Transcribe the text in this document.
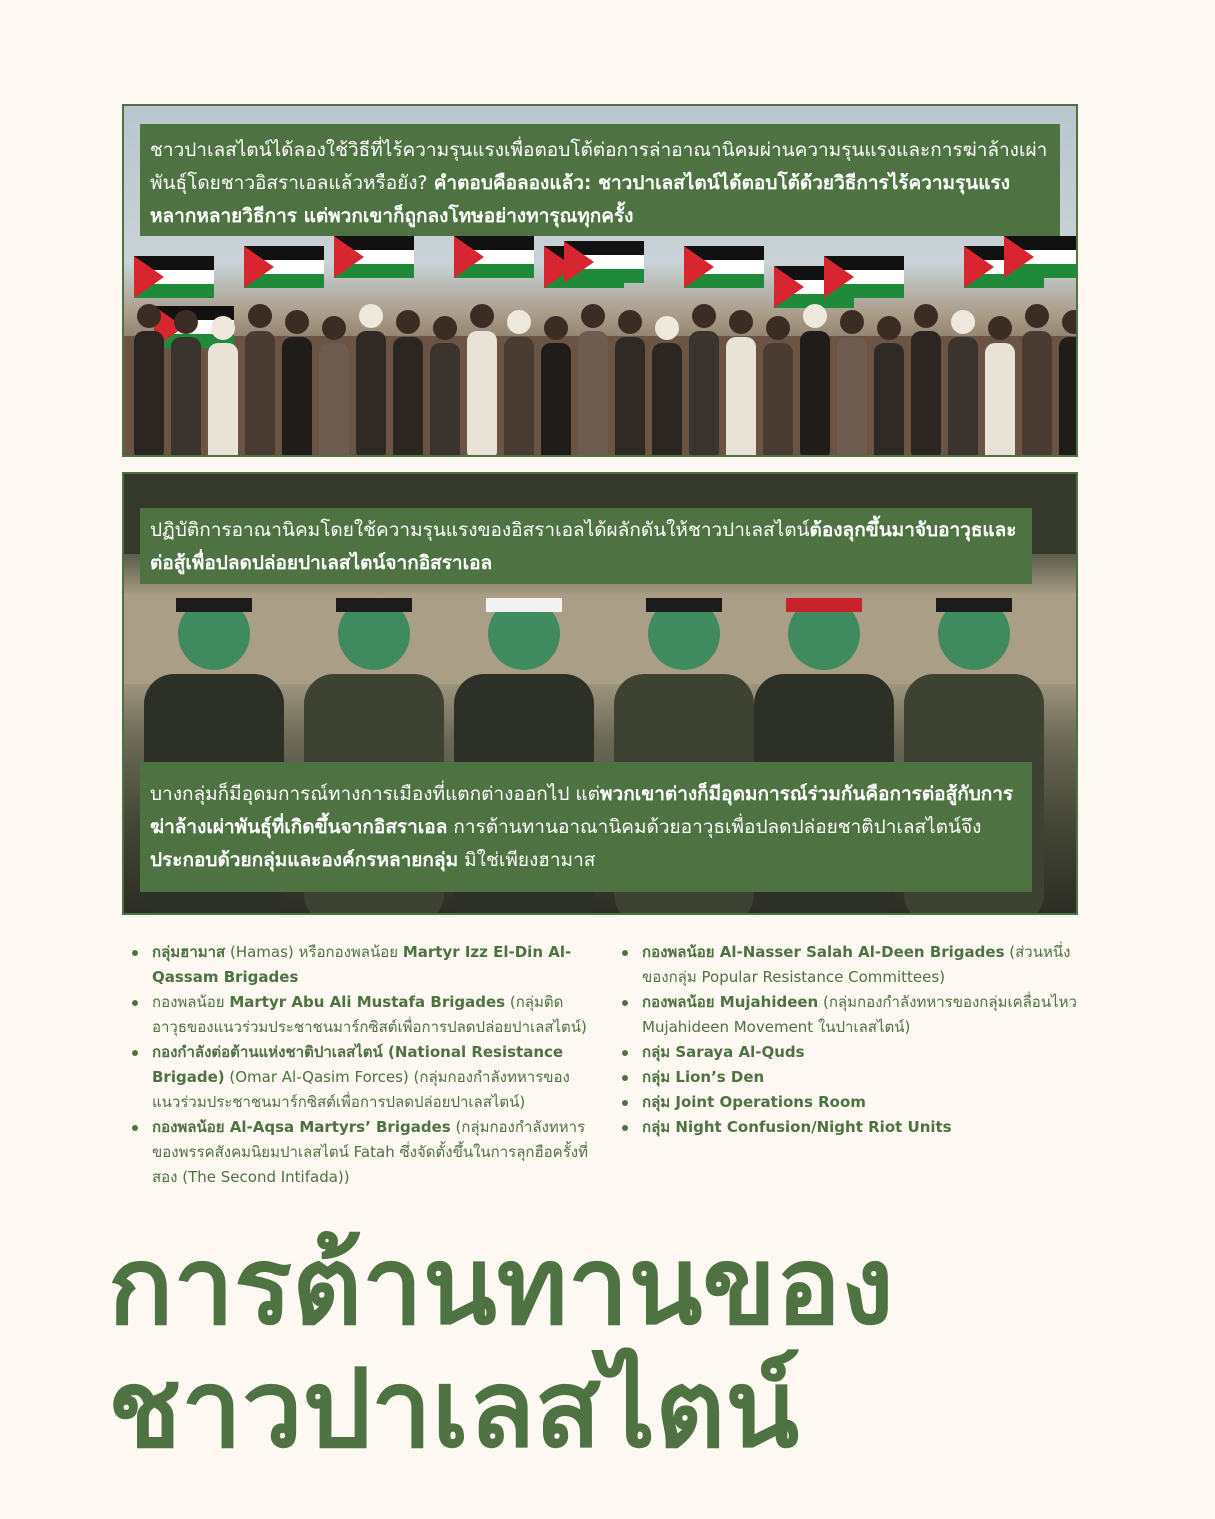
ชาวปาเลสไตน์ได้ลองใช้วิธีที่ไร้ความรุนแรงเพื่อตอบโต้ต่อการล่าอาณานิคมผ่านความรุนแรงและการฆ่าล้างเผ่าพันธุ์โดยชาวอิสราเอลแล้วหรือยัง? คำตอบคือลองแล้ว: ชาวปาเลสไตน์ได้ตอบโต้ด้วยวิธีการไร้ความรุนแรงหลากหลายวิธีการ แต่พวกเขาก็ถูกลงโทษอย่างทารุณทุกครั้ง
ปฏิบัติการอาณานิคมโดยใช้ความรุนแรงของอิสราเอลได้ผลักดันให้ชาวปาเลสไตน์ต้องลุกขึ้นมาจับอาวุธและต่อสู้เพื่อปลดปล่อยปาเลสไตน์จากอิสราเอล
บางกลุ่มก็มีอุดมการณ์ทางการเมืองที่แตกต่างออกไป แต่พวกเขาต่างก็มีอุดมการณ์ร่วมกันคือการต่อสู้กับการฆ่าล้างเผ่าพันธุ์ที่เกิดขึ้นจากอิสราเอล การต้านทานอาณานิคมด้วยอาวุธเพื่อปลดปล่อยชาติปาเลสไตน์จึงประกอบด้วยกลุ่มและองค์กรหลายกลุ่ม มิใช่เพียงฮามาส
กลุ่มฮามาส (Hamas) หรือกองพลน้อย Martyr Izz El-Din Al-Qassam Brigades
กองพลน้อย Martyr Abu Ali Mustafa Brigades (กลุ่มติดอาวุธของแนวร่วมประชาชนมาร์กซิสต์เพื่อการปลดปล่อยปาเลสไตน์)
กองกำลังต่อต้านแห่งชาติปาเลสไตน์ (National Resistance Brigade) (Omar Al-Qasim Forces) (กลุ่มกองกำลังทหารของแนวร่วมประชาชนมาร์กซิสต์เพื่อการปลดปล่อยปาเลสไตน์)
กองพลน้อย Al-Aqsa Martyrs’ Brigades (กลุ่มกองกำลังทหารของพรรคสังคมนิยมปาเลสไตน์ Fatah ซึ่งจัดตั้งขึ้นในการลุกฮือครั้งที่สอง (The Second Intifada))
กองพลน้อย Al-Nasser Salah Al-Deen Brigades (ส่วนหนึ่งของกลุ่ม Popular Resistance Committees)
กองพลน้อย Mujahideen (กลุ่มกองกำลังทหารของกลุ่มเคลื่อนไหว Mujahideen Movement ในปาเลสไตน์)
กลุ่ม Saraya Al-Quds
กลุ่ม Lion’s Den
กลุ่ม Joint Operations Room
กลุ่ม Night Confusion/Night Riot Units
การต้านทานของ
ชาวปาเลสไตน์
